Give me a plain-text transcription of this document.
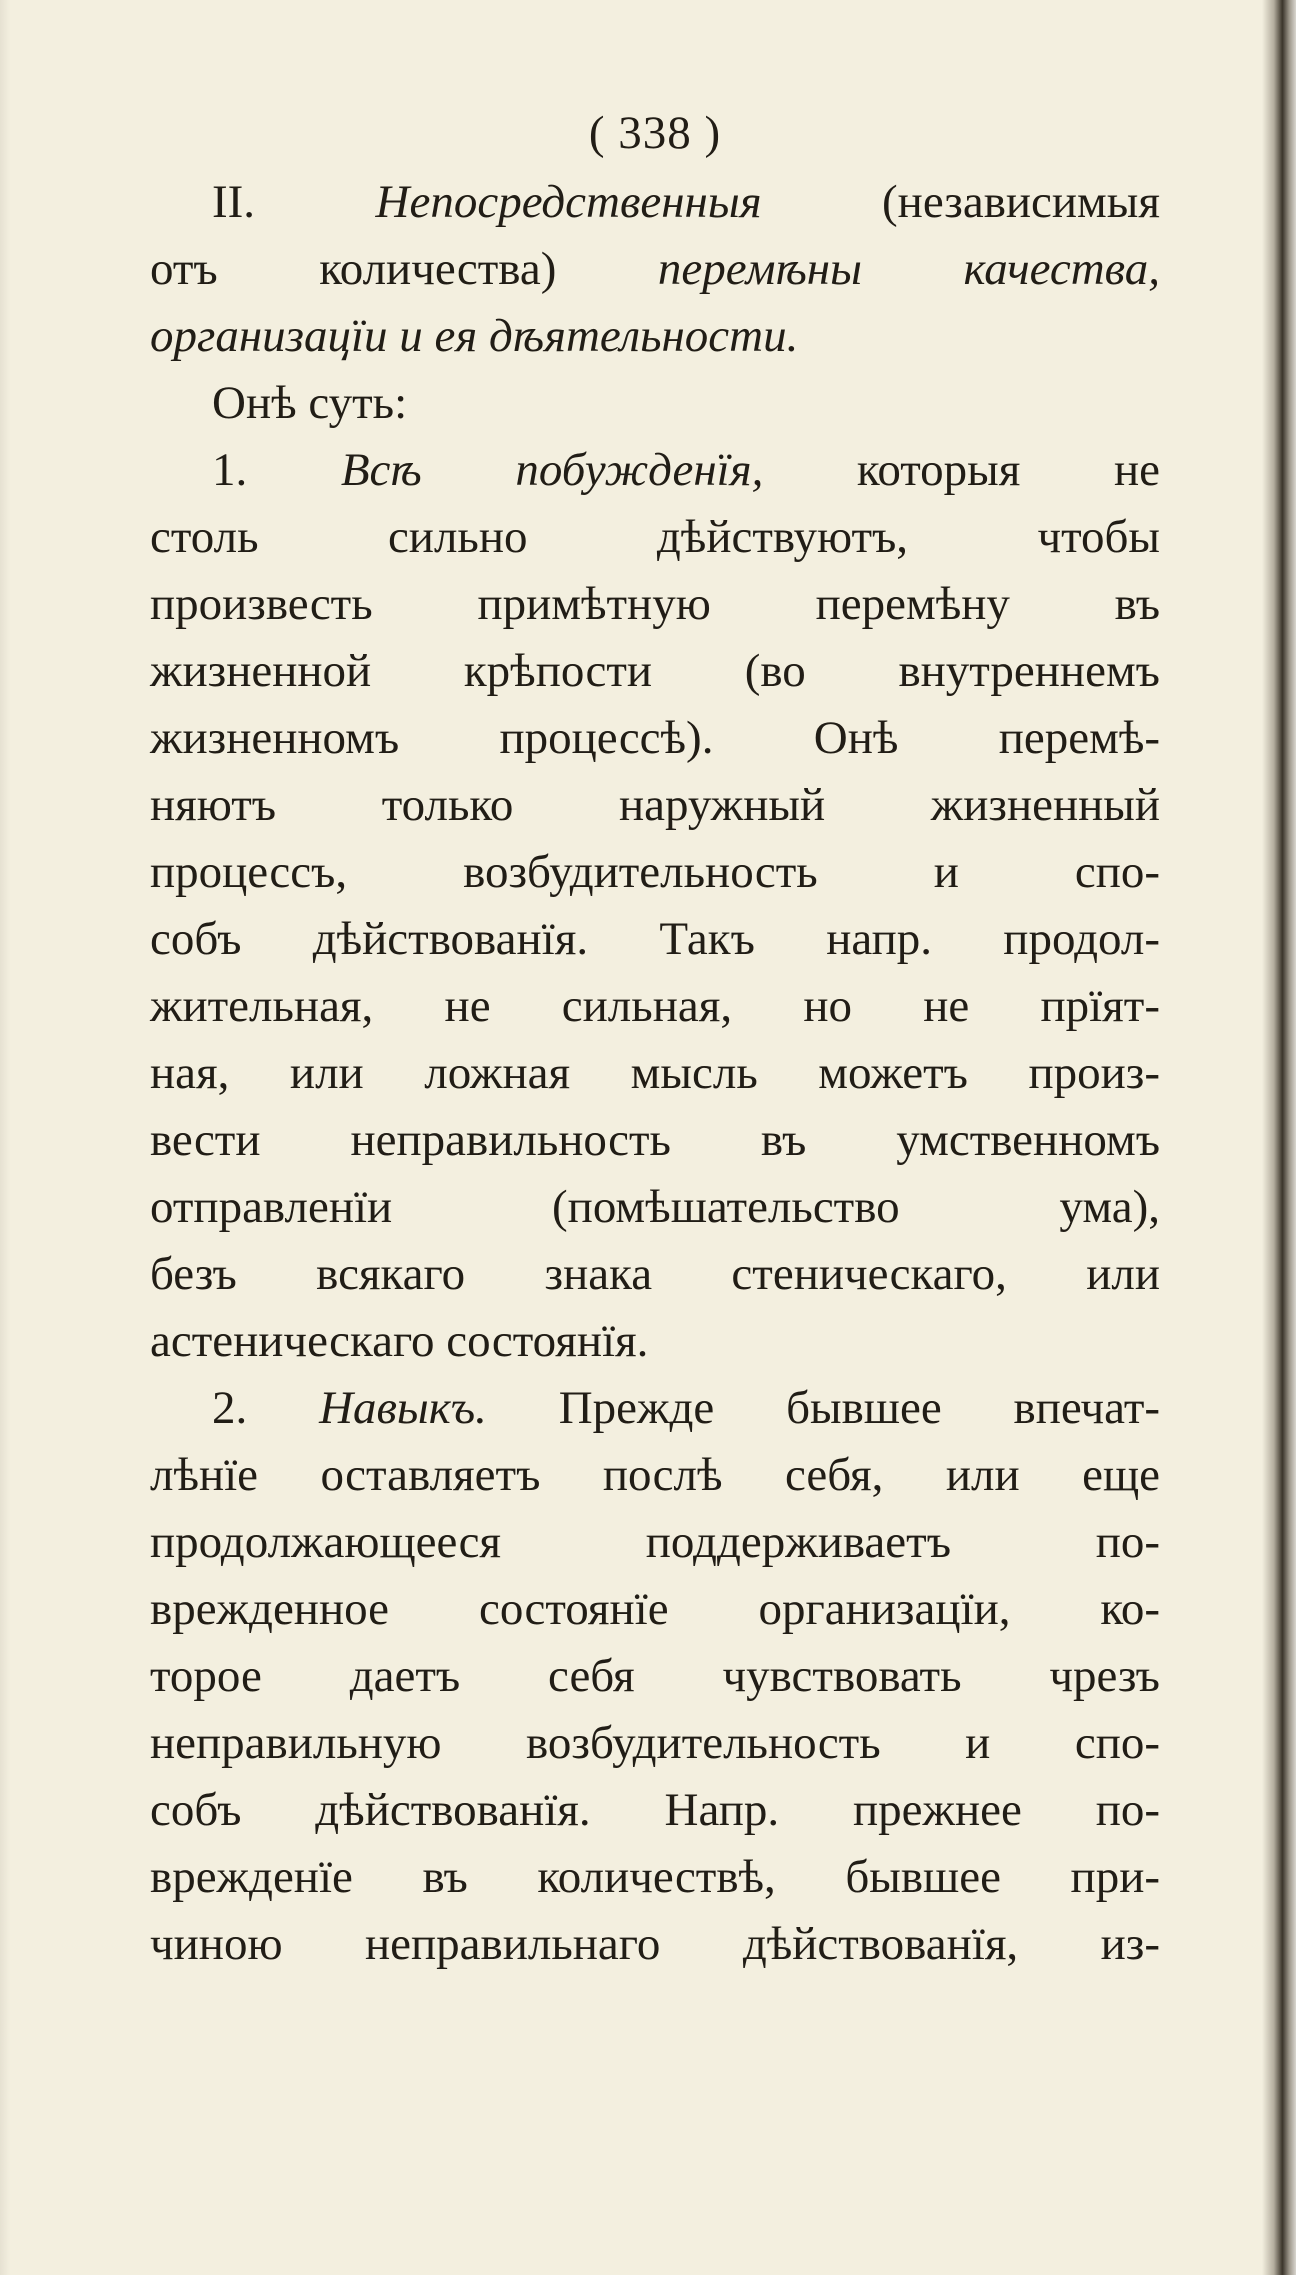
( 338 )
II. Непосредственныя (независимыя
отъ количества) перемѣны качества,
организацїи и ея дѣятельности.
Онѣ суть:
1. Всѣ побужденїя, которыя не
столь сильно дѣйствуютъ, чтобы
произвесть примѣтную перемѣну въ
жизненной крѣпости (во внутреннемъ
жизненномъ процессѣ). Онѣ перемѣ-
няютъ только наружный жизненный
процессъ, возбудительность и спо-
собъ дѣйствованїя. Такъ напр. продол-
жительная, не сильная, но не прїят-
ная, или ложная мысль можетъ произ-
вести неправильность въ умственномъ
отправленїи (помѣшательство ума),
безъ всякаго знака стеническаго, или
астеническаго состоянїя.
2. Навыкъ. Прежде бывшее впечат-
лѣнїе оставляетъ послѣ себя, или еще
продолжающееся поддерживаетъ по-
врежденное состоянїе организацїи, ко-
торое даетъ себя чувствовать чрезъ
неправильную возбудительность и спо-
собъ дѣйствованїя. Напр. прежнее по-
врежденїе въ количествѣ, бывшее при-
чиною неправильнаго дѣйствованїя, из-
